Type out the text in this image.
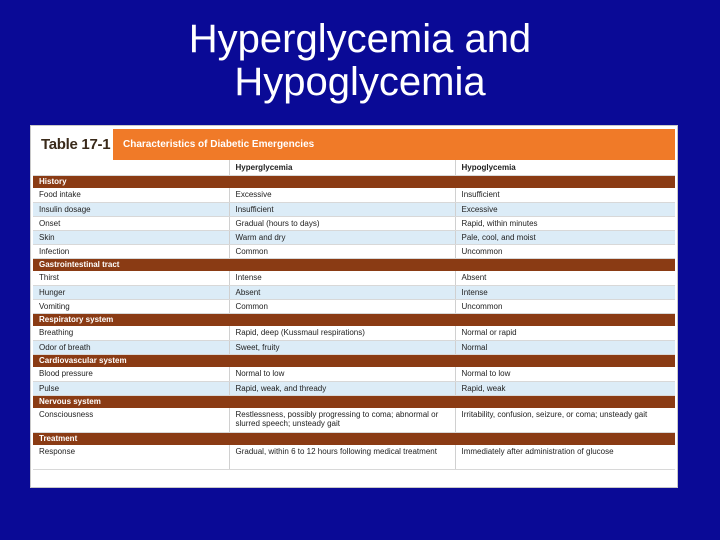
Hyperglycemia and
Hypoglycemia
Table 17-1	Characteristics of Diabetic Emergencies
	Hyperglycemia	Hypoglycemia
History		
Food intake	Excessive	Insufficient
Insulin dosage	Insufficient	Excessive
Onset	Gradual (hours to days)	Rapid, within minutes
Skin	Warm and dry	Pale, cool, and moist
Infection	Common	Uncommon
Gastrointestinal tract		
Thirst	Intense	Absent
Hunger	Absent	Intense
Vomiting	Common	Uncommon
Respiratory system		
Breathing	Rapid, deep (Kussmaul respirations)	Normal or rapid
Odor of breath	Sweet, fruity	Normal
Cardiovascular system		
Blood pressure	Normal to low	Normal to low
Pulse	Rapid, weak, and thready	Rapid, weak
Nervous system		
Consciousness	Restlessness, possibly progressing to coma; abnormal or slurred speech; unsteady gait	Irritability, confusion, seizure, or coma; unsteady gait
Treatment		
Response	Gradual, within 6 to 12 hours following medical treatment	Immediately after administration of glucose
